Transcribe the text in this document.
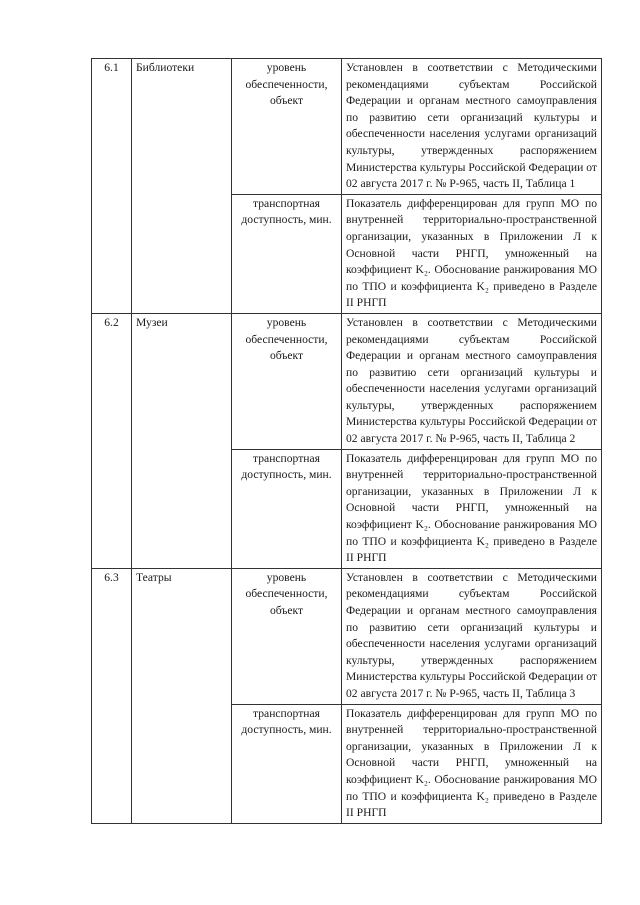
6.1	Библиотеки	уровень обеспеченности, объект	Установлен в соответствии с Методическими рекомендациями субъектам Российской Федерации и органам местного самоуправления по развитию сети организаций культуры и обеспеченности населения услугами организаций культуры, утвержденных распоряжением Министерства культуры Российской Федерации от 02 августа 2017 г. № Р-965, часть II, Таблица 1
		транспортная доступность, мин.	Показатель дифференцирован для групп МО по внутренней территориально-пространственной организации, указанных в Приложении Л к Основной части РНГП, умноженный на коэффициент K₂. Обоснование ранжирования МО по ТПО и коэффициента K₂ приведено в Разделе II РНГП
6.2	Музеи	уровень обеспеченности, объект	Установлен в соответствии с Методическими рекомендациями субъектам Российской Федерации и органам местного самоуправления по развитию сети организаций культуры и обеспеченности населения услугами организаций культуры, утвержденных распоряжением Министерства культуры Российской Федерации от 02 августа 2017 г. № Р-965, часть II, Таблица 2
		транспортная доступность, мин.	Показатель дифференцирован для групп МО по внутренней территориально-пространственной организации, указанных в Приложении Л к Основной части РНГП, умноженный на коэффициент K₂. Обоснование ранжирования МО по ТПО и коэффициента K₂ приведено в Разделе II РНГП
6.3	Театры	уровень обеспеченности, объект	Установлен в соответствии с Методическими рекомендациями субъектам Российской Федерации и органам местного самоуправления по развитию сети организаций культуры и обеспеченности населения услугами организаций культуры, утвержденных распоряжением Министерства культуры Российской Федерации от 02 августа 2017 г. № Р-965, часть II, Таблица 3
		транспортная доступность, мин.	Показатель дифференцирован для групп МО по внутренней территориально-пространственной организации, указанных в Приложении Л к Основной части РНГП, умноженный на коэффициент K₂. Обоснование ранжирования МО по ТПО и коэффициента K₂ приведено в Разделе II РНГП
